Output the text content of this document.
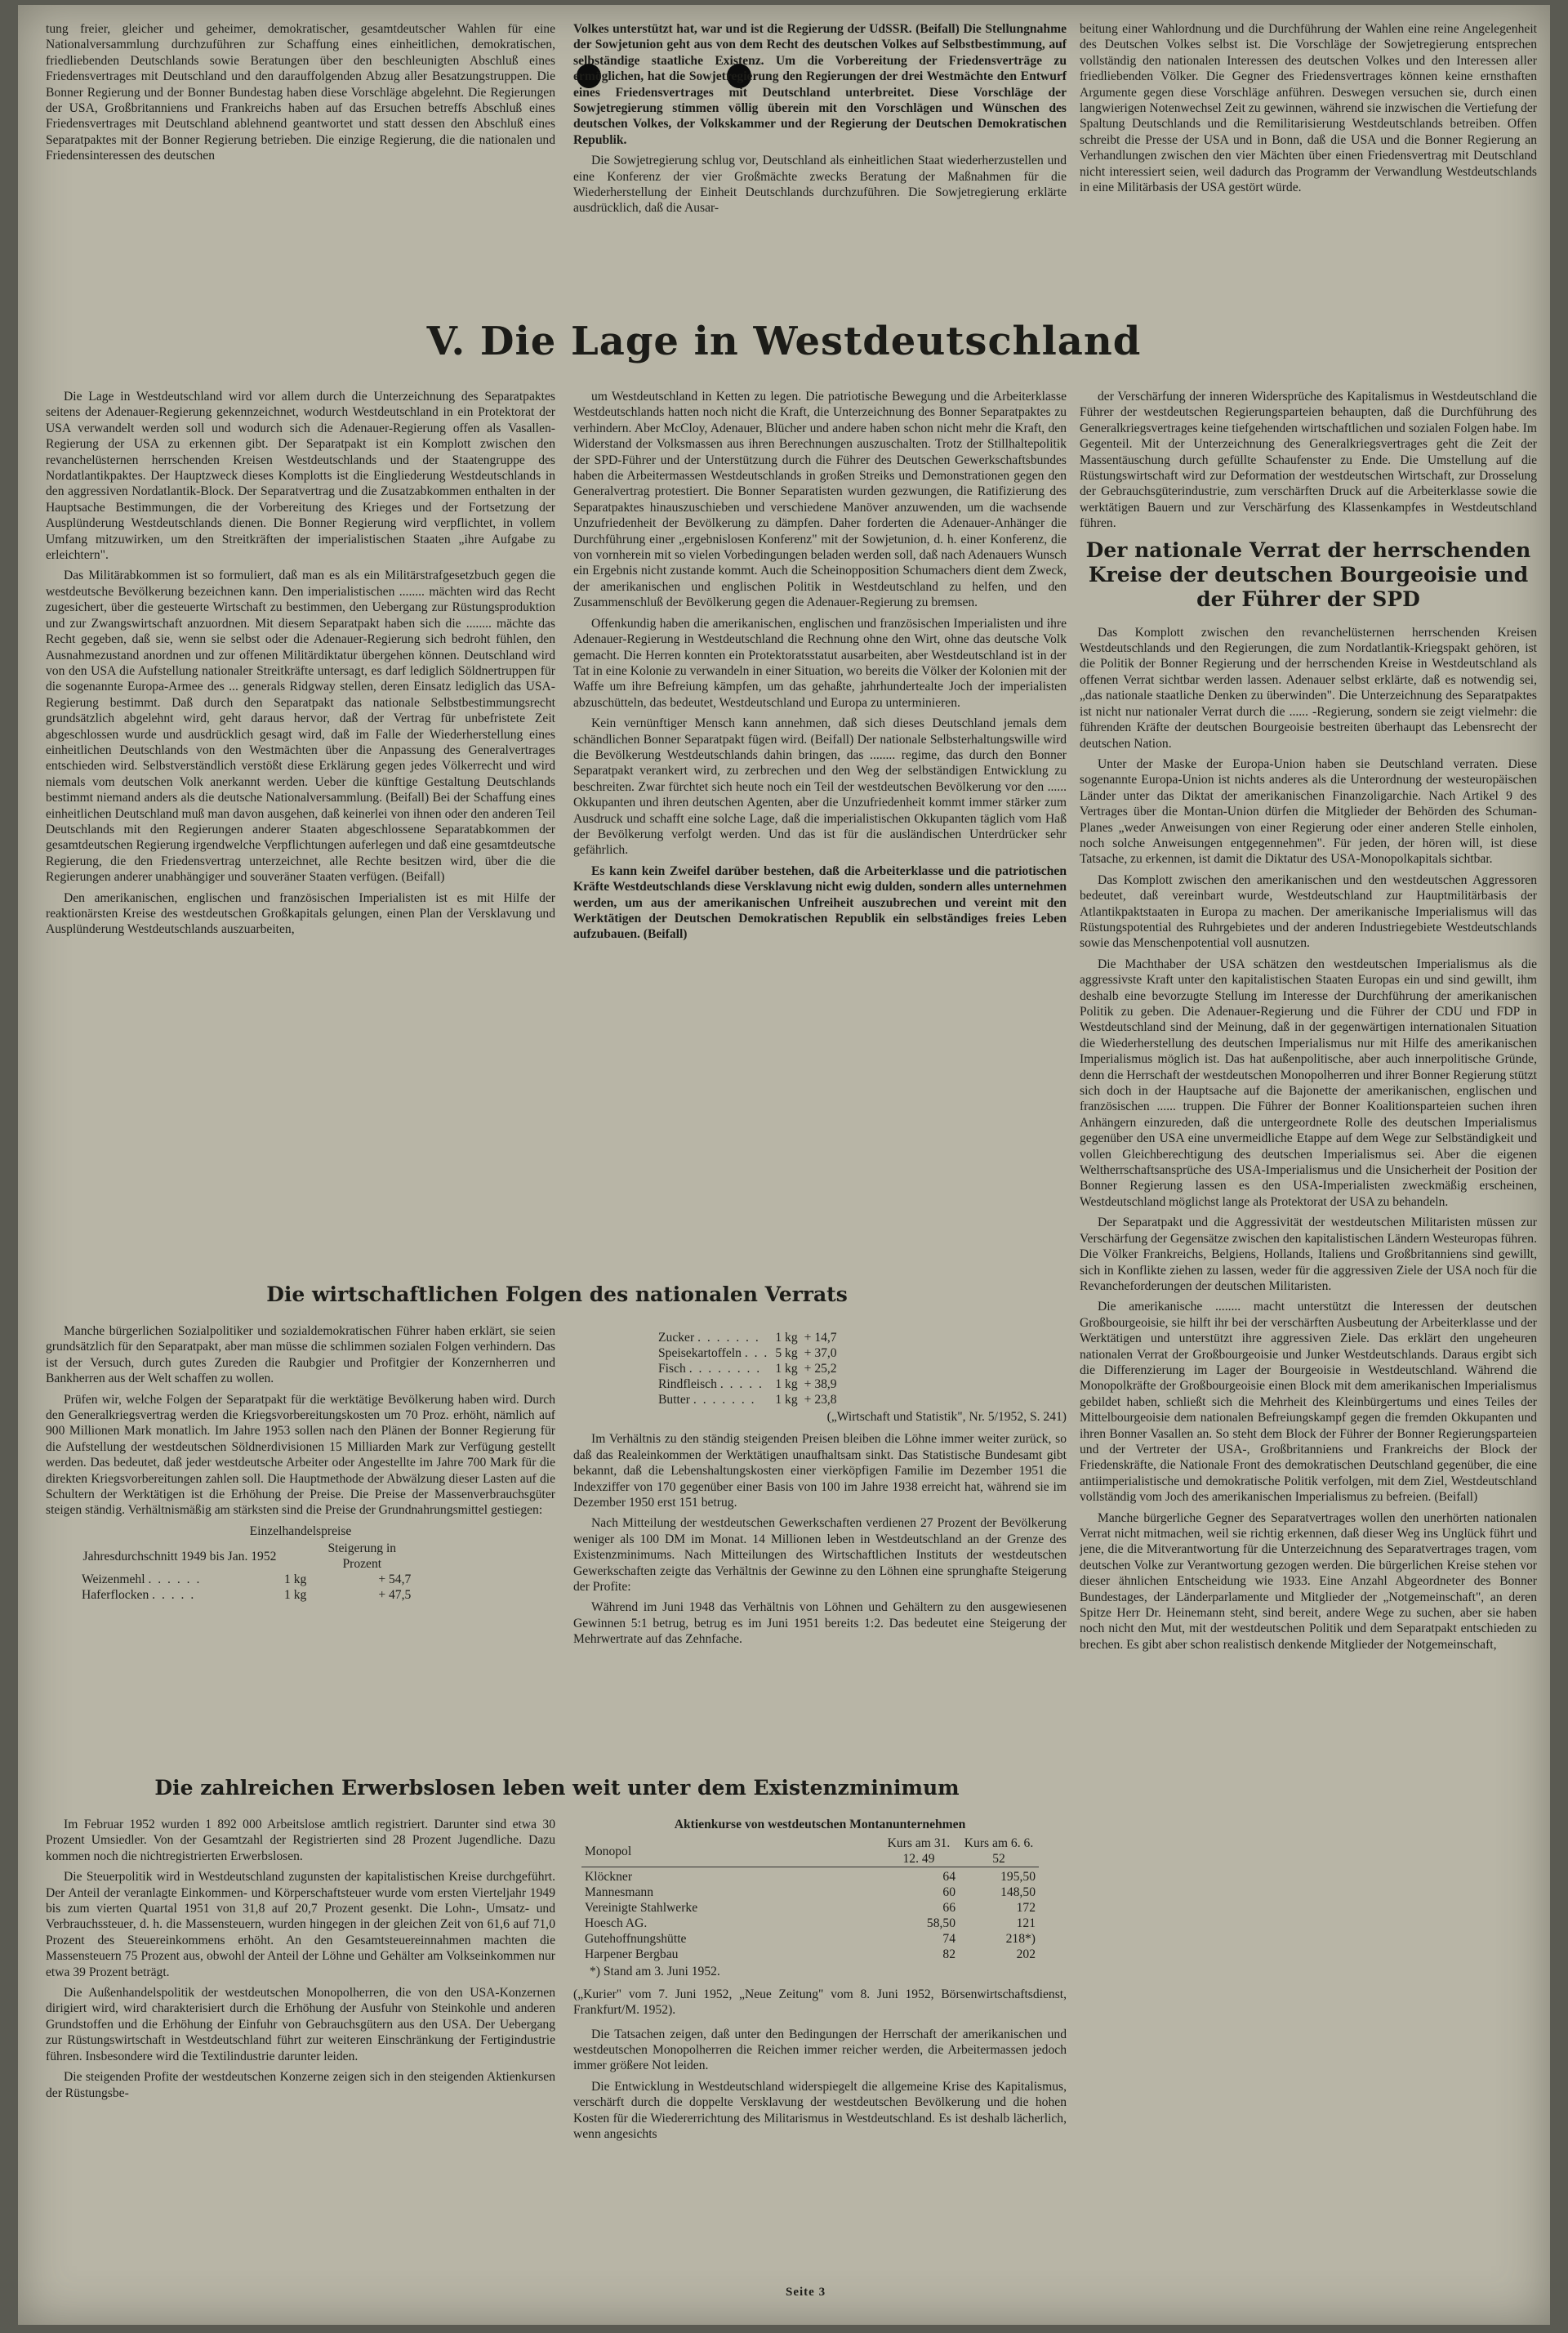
tung freier, gleicher und geheimer, demokratischer, gesamtdeutscher Wahlen für eine Nationalversammlung durchzuführen zur Schaffung eines einheitlichen, demokratischen, friedliebenden Deutschlands sowie Beratungen über den beschleunigten Abschluß eines Friedensvertrages mit Deutschland und den darauffolgenden Abzug aller Besatzungstruppen. Die Bonner Regierung und der Bonner Bundestag haben diese Vorschläge abgelehnt. Die Regierungen der USA, Großbritanniens und Frankreichs haben auf das Ersuchen betreffs Abschluß eines Friedensvertrages mit Deutschland ablehnend geantwortet und statt dessen den Abschluß eines Separatpaktes mit der Bonner Regierung betrieben. Die einzige Regierung, die die nationalen und Friedensinteressen des deutschen

Volkes unterstützt hat, war und ist die Regierung der UdSSR. (Beifall) Die Stellungnahme der Sowjetunion geht aus von dem Recht des deutschen Volkes auf Selbstbestimmung, auf selbständige staatliche Existenz. Um die Vorbereitung der Friedensverträge zu ermöglichen, hat die Sowjetregierung den Regierungen der drei Westmächte den Entwurf eines Friedensvertrages mit Deutschland unterbreitet. Diese Vorschläge der Sowjetregierung stimmen völlig überein mit den Vorschlägen und Wünschen des deutschen Volkes, der Volkskammer und der Regierung der Deutschen Demokratischen Republik.

Die Sowjetregierung schlug vor, Deutschland als einheitlichen Staat wiederherzustellen und eine Konferenz der vier Großmächte zwecks Beratung der Maßnahmen für die Wiederherstellung der Einheit Deutschlands durchzuführen. Die Sowjetregierung erklärte ausdrücklich, daß die Ausar-

beitung einer Wahlordnung und die Durchführung der Wahlen eine reine Angelegenheit des Deutschen Volkes selbst ist. Die Vorschläge der Sowjetregierung entsprechen vollständig den nationalen Interessen des deutschen Volkes und den Interessen aller friedliebenden Völker. Die Gegner des Friedensvertrages können keine ernsthaften Argumente gegen diese Vorschläge anführen. Deswegen versuchen sie, durch einen langwierigen Notenwechsel Zeit zu gewinnen, während sie inzwischen die Vertiefung der Spaltung Deutschlands und die Remilitarisierung Westdeutschlands betreiben. Offen schreibt die Presse der USA und in Bonn, daß die USA und die Bonner Regierung an Verhandlungen zwischen den vier Mächten über einen Friedensvertrag mit Deutschland nicht interessiert seien, weil dadurch das Programm der Verwandlung Westdeutschlands in eine Militärbasis der USA gestört würde.

V. Die Lage in Westdeutschland

Die Lage in Westdeutschland wird vor allem durch die Unterzeichnung des Separatpaktes seitens der Adenauer-Regierung gekennzeichnet, wodurch Westdeutschland in ein Protektorat der USA verwandelt werden soll und wodurch sich die Adenauer-Regierung offen als Vasallen-Regierung der USA zu erkennen gibt. Der Separatpakt ist ein Komplott zwischen den revanchelüsternen herrschenden Kreisen Westdeutschlands und der Staatengruppe des Nordatlantikpaktes. Der Hauptzweck dieses Komplotts ist die Eingliederung Westdeutschlands in den aggressiven Nordatlantik-Block. Der Separatvertrag und die Zusatzabkommen enthalten in der Hauptsache Bestimmungen, die der Vorbereitung des Krieges und der Fortsetzung der Ausplünderung Westdeutschlands dienen. Die Bonner Regierung wird verpflichtet, in vollem Umfang mitzuwirken, um den Streitkräften der imperialistischen Staaten „ihre Aufgabe zu erleichtern".

Das Militärabkommen ist so formuliert, daß man es als ein Militärstrafgesetzbuch gegen die westdeutsche Bevölkerung bezeichnen kann. Den imperialistischen ........ mächten wird das Recht zugesichert, über die gesteuerte Wirtschaft zu bestimmen, den Uebergang zur Rüstungsproduktion und zur Zwangswirtschaft anzuordnen. Mit diesem Separatpakt haben sich die ........ mächte das Recht gegeben, daß sie, wenn sie selbst oder die Adenauer-Regierung sich bedroht fühlen, den Ausnahmezustand anordnen und zur offenen Militärdiktatur übergehen können. Deutschland wird von den USA die Aufstellung nationaler Streitkräfte untersagt, es darf lediglich Söldnertruppen für die sogenannte Europa-Armee des ... generals Ridgway stellen, deren Einsatz lediglich das USA-Regierung bestimmt. Daß durch den Separatpakt das nationale Selbstbestimmungsrecht grundsätzlich abgelehnt wird, geht daraus hervor, daß der Vertrag für unbefristete Zeit abgeschlossen wurde und ausdrücklich gesagt wird, daß im Falle der Wiederherstellung eines einheitlichen Deutschlands von den Westmächten über die Anpassung des Generalvertrages entschieden wird. Selbstverständlich verstößt diese Erklärung gegen jedes Völkerrecht und wird niemals vom deutschen Volk anerkannt werden. Ueber die künftige Gestaltung Deutschlands bestimmt niemand anders als die deutsche Nationalversammlung. (Beifall) Bei der Schaffung eines einheitlichen Deutschland muß man davon ausgehen, daß keinerlei von ihnen oder den anderen Teil Deutschlands mit den Regierungen anderer Staaten abgeschlossene Separatabkommen der gesamtdeutschen Regierung irgendwelche Verpflichtungen auferlegen und daß eine gesamtdeutsche Regierung, die den Friedensvertrag unterzeichnet, alle Rechte besitzen wird, über die die Regierungen anderer unabhängiger und souveräner Staaten verfügen. (Beifall)

Den amerikanischen, englischen und französischen Imperialisten ist es mit Hilfe der reaktionärsten Kreise des westdeutschen Großkapitals gelungen, einen Plan der Versklavung und Ausplünderung Westdeutschlands auszuarbeiten,

um Westdeutschland in Ketten zu legen. Die patriotische Bewegung und die Arbeiterklasse Westdeutschlands hatten noch nicht die Kraft, die Unterzeichnung des Bonner Separatpaktes zu verhindern. Aber McCloy, Adenauer, Blücher und andere haben schon nicht mehr die Kraft, den Widerstand der Volksmassen aus ihren Berechnungen auszuschalten. Trotz der Stillhaltepolitik der SPD-Führer und der Unterstützung durch die Führer des Deutschen Gewerkschaftsbundes haben die Arbeitermassen Westdeutschlands in großen Streiks und Demonstrationen gegen den Generalvertrag protestiert. Die Bonner Separatisten wurden gezwungen, die Ratifizierung des Separatpaktes hinauszuschieben und verschiedene Manöver anzuwenden, um die wachsende Unzufriedenheit der Bevölkerung zu dämpfen. Daher forderten die Adenauer-Anhänger die Durchführung einer „ergebnislosen Konferenz" mit der Sowjetunion, d. h. einer Konferenz, die von vornherein mit so vielen Vorbedingungen beladen werden soll, daß nach Adenauers Wunsch ein Ergebnis nicht zustande kommt. Auch die Scheinopposition Schumachers dient dem Zweck, der amerikanischen und englischen Politik in Westdeutschland zu helfen, und den Zusammenschluß der Bevölkerung gegen die Adenauer-Regierung zu bremsen.

Offenkundig haben die amerikanischen, englischen und französischen Imperialisten und ihre Adenauer-Regierung in Westdeutschland die Rechnung ohne den Wirt, ohne das deutsche Volk gemacht. Die Herren konnten ein Protektoratsstatut ausarbeiten, aber Westdeutschland ist in der Tat in eine Kolonie zu verwandeln in einer Situation, wo bereits die Völker der Kolonien mit der Waffe um ihre Befreiung kämpfen, um das gehaßte, jahrhundertealte Joch der imperialisten abzuschütteln, das bedeutet, Westdeutschland und Europa zu unterminieren.

Kein vernünftiger Mensch kann annehmen, daß sich dieses Deutschland jemals dem schändlichen Bonner Separatpakt fügen wird. (Beifall) Der nationale Selbsterhaltungswille wird die Bevölkerung Westdeutschlands dahin bringen, das ........ regime, das durch den Bonner Separatpakt verankert wird, zu zerbrechen und den Weg der selbständigen Entwicklung zu beschreiten. Zwar fürchtet sich heute noch ein Teil der westdeutschen Bevölkerung vor den ...... Okkupanten und ihren deutschen Agenten, aber die Unzufriedenheit kommt immer stärker zum Ausdruck und schafft eine solche Lage, daß die imperialistischen Okkupanten täglich vom Haß der Bevölkerung verfolgt werden. Und das ist für die ausländischen Unterdrücker sehr gefährlich.

Es kann kein Zweifel darüber bestehen, daß die Arbeiterklasse und die patriotischen Kräfte Westdeutschlands diese Versklavung nicht ewig dulden, sondern alles unternehmen werden, um aus der amerikanischen Unfreiheit auszubrechen und vereint mit den Werktätigen der Deutschen Demokratischen Republik ein selbständiges freies Leben aufzubauen. (Beifall)

der Verschärfung der inneren Widersprüche des Kapitalismus in Westdeutschland die Führer der westdeutschen Regierungsparteien behaupten, daß die Durchführung des Generalkriegsvertrages keine tiefgehenden wirtschaftlichen und sozialen Folgen habe. Im Gegenteil. Mit der Unterzeichnung des Generalkriegsvertrages geht die Zeit der Massentäuschung durch gefüllte Schaufenster zu Ende. Die Umstellung auf die Rüstungswirtschaft wird zur Deformation der westdeutschen Wirtschaft, zur Drosselung der Gebrauchsgüterindustrie, zum verschärften Druck auf die Arbeiterklasse sowie die werktätigen Bauern und zur Verschärfung des Klassenkampfes in Westdeutschland führen.

Der nationale Verrat der herrschenden Kreise der deutschen Bourgeoisie und der Führer der SPD

Das Komplott zwischen den revanchelüsternen herrschenden Kreisen Westdeutschlands und den Regierungen, die zum Nordatlantik-Kriegspakt gehören, ist die Politik der Bonner Regierung und der herrschenden Kreise in Westdeutschland als offenen Verrat sichtbar werden lassen. Adenauer selbst erklärte, daß es notwendig sei, „das nationale staatliche Denken zu überwinden". Die Unterzeichnung des Separatpaktes ist nicht nur nationaler Verrat durch die ...... -Regierung, sondern sie zeigt vielmehr: die führenden Kräfte der deutschen Bourgeoisie bestreiten überhaupt das Lebensrecht der deutschen Nation.

Unter der Maske der Europa-Union haben sie Deutschland verraten. Diese sogenannte Europa-Union ist nichts anderes als die Unterordnung der westeuropäischen Länder unter das Diktat der amerikanischen Finanzoligarchie. Nach Artikel 9 des Vertrages über die Montan-Union dürfen die Mitglieder der Behörden des Schuman-Planes „weder Anweisungen von einer Regierung oder einer anderen Stelle einholen, noch solche Anweisungen entgegennehmen". Für jeden, der hören will, ist diese Tatsache, zu erkennen, ist damit die Diktatur des USA-Monopolkapitals sichtbar.

Das Komplott zwischen den amerikanischen und den westdeutschen Aggressoren bedeutet, daß vereinbart wurde, Westdeutschland zur Hauptmilitärbasis der Atlantikpaktstaaten in Europa zu machen. Der amerikanische Imperialismus will das Rüstungspotential des Ruhrgebietes und der anderen Industriegebiete Westdeutschlands sowie das Menschenpotential voll ausnutzen.

Die Machthaber der USA schätzen den westdeutschen Imperialismus als die aggressivste Kraft unter den kapitalistischen Staaten Europas ein und sind gewillt, ihm deshalb eine bevorzugte Stellung im Interesse der Durchführung der amerikanischen Politik zu geben. Die Adenauer-Regierung und die Führer der CDU und FDP in Westdeutschland sind der Meinung, daß in der gegenwärtigen internationalen Situation die Wiederherstellung des deutschen Imperialismus nur mit Hilfe des amerikanischen Imperialismus möglich ist. Das hat außenpolitische, aber auch innerpolitische Gründe, denn die Herrschaft der westdeutschen Monopolherren und ihrer Bonner Regierung stützt sich doch in der Hauptsache auf die Bajonette der amerikanischen, englischen und französischen ...... truppen. Die Führer der Bonner Koalitionsparteien suchen ihren Anhängern einzureden, daß die untergeordnete Rolle des deutschen Imperialismus gegenüber den USA eine unvermeidliche Etappe auf dem Wege zur Selbständigkeit und vollen Gleichberechtigung des deutschen Imperialismus sei. Aber die eigenen Weltherrschaftsansprüche des USA-Imperialismus und die Unsicherheit der Position der Bonner Regierung lassen es den USA-Imperialisten zweckmäßig erscheinen, Westdeutschland möglichst lange als Protektorat der USA zu behandeln.

Der Separatpakt und die Aggressivität der westdeutschen Militaristen müssen zur Verschärfung der Gegensätze zwischen den kapitalistischen Ländern Westeuropas führen. Die Völker Frankreichs, Belgiens, Hollands, Italiens und Großbritanniens sind gewillt, sich in Konflikte ziehen zu lassen, weder für die aggressiven Ziele der USA noch für die Revancheforderungen der deutschen Militaristen.

Die amerikanische ........ macht unterstützt die Interessen der deutschen Großbourgeoisie, sie hilft ihr bei der verschärften Ausbeutung der Arbeiterklasse und der Werktätigen und unterstützt ihre aggressiven Ziele. Das erklärt den ungeheuren nationalen Verrat der Großbourgeoisie und Junker Westdeutschlands. Daraus ergibt sich die Differenzierung im Lager der Bourgeoisie in Westdeutschland. Während die Monopolkräfte der Großbourgeoisie einen Block mit dem amerikanischen Imperialismus gebildet haben, schließt sich die Mehrheit des Kleinbürgertums und eines Teiles der Mittelbourgeoisie dem nationalen Befreiungskampf gegen die fremden Okkupanten und ihren Bonner Vasallen an. So steht dem Block der Führer der Bonner Regierungsparteien und der Vertreter der USA-, Großbritanniens und Frankreichs der Block der Friedenskräfte, die Nationale Front des demokratischen Deutschland gegenüber, die eine antiimperialistische und demokratische Politik verfolgen, mit dem Ziel, Westdeutschland vollständig vom Joch des amerikanischen Imperialismus zu befreien. (Beifall)

Manche bürgerliche Gegner des Separatvertrages wollen den unerhörten nationalen Verrat nicht mitmachen, weil sie richtig erkennen, daß dieser Weg ins Unglück führt und jene, die die Mitverantwortung für die Unterzeichnung des Separatvertrages tragen, vom deutschen Volke zur Verantwortung gezogen werden. Die bürgerlichen Kreise stehen vor dieser ähnlichen Entscheidung wie 1933. Eine Anzahl Abgeordneter des Bonner Bundestages, der Länderparlamente und Mitglieder der „Notgemeinschaft", an deren Spitze Herr Dr. Heinemann steht, sind bereit, andere Wege zu suchen, aber sie haben noch nicht den Mut, mit der westdeutschen Politik und dem Separatpakt entschieden zu brechen. Es gibt aber schon realistisch denkende Mitglieder der Notgemeinschaft,

Die wirtschaftlichen Folgen des nationalen Verrats

Manche bürgerlichen Sozialpolitiker und sozialdemokratischen Führer haben erklärt, sie seien grundsätzlich für den Separatpakt, aber man müsse die schlimmen sozialen Folgen verhindern. Das ist der Versuch, durch gutes Zureden die Raubgier und Profitgier der Konzernherren und Bankherren aus der Welt schaffen zu wollen.

Prüfen wir, welche Folgen der Separatpakt für die werktätige Bevölkerung haben wird. Durch den Generalkriegsvertrag werden die Kriegsvorbereitungskosten um 70 Proz. erhöht, nämlich auf 900 Millionen Mark monatlich. Im Jahre 1953 sollen nach den Plänen der Bonner Regierung für die Aufstellung der westdeutschen Söldnerdivisionen 15 Milliarden Mark zur Verfügung gestellt werden. Das bedeutet, daß jeder westdeutsche Arbeiter oder Angestellte im Jahre 700 Mark für die direkten Kriegsvorbereitungen zahlen soll. Die Hauptmethode der Abwälzung dieser Lasten auf die Schultern der Werktätigen ist die Erhöhung der Preise. Die Preise der Massenverbrauchsgüter steigen ständig. Verhältnismäßig am stärksten sind die Preise der Grundnahrungsmittel gestiegen:

Einzelhandelspreise
Jahresdurchschnitt 1949 bis Jan. 1952		Steigerung in Prozent
Weizenmehl . . . . . .	1 kg	+ 54,7
Haferflocken . . . . .	1 kg	+ 47,5
Zucker . . . . . . .	1 kg	+ 14,7
Speisekartoffeln . . .	5 kg	+ 37,0
Fisch . . . . . . . .	1 kg	+ 25,2
Rindfleisch . . . . .	1 kg	+ 38,9
Butter . . . . . . .	1 kg	+ 23,8
(„Wirtschaft und Statistik", Nr. 5/1952, S. 241)

Im Verhältnis zu den ständig steigenden Preisen bleiben die Löhne immer weiter zurück, so daß das Realeinkommen der Werktätigen unaufhaltsam sinkt. Das Statistische Bundesamt gibt bekannt, daß die Lebenshaltungskosten einer vierköpfigen Familie im Dezember 1951 die Indexziffer von 170 gegenüber einer Basis von 100 im Jahre 1938 erreicht hat, während sie im Dezember 1950 erst 151 betrug.

Nach Mitteilung der westdeutschen Gewerkschaften verdienen 27 Prozent der Bevölkerung weniger als 100 DM im Monat. 14 Millionen leben in Westdeutschland an der Grenze des Existenzminimums. Nach Mitteilungen des Wirtschaftlichen Instituts der westdeutschen Gewerkschaften zeigte das Verhältnis der Gewinne zu den Löhnen eine sprunghafte Steigerung der Profite:

Während im Juni 1948 das Verhältnis von Löhnen und Gehältern zu den ausgewiesenen Gewinnen 5:1 betrug, betrug es im Juni 1951 bereits 1:2. Das bedeutet eine Steigerung der Mehrwertrate auf das Zehnfache.

Die zahlreichen Erwerbslosen leben weit unter dem Existenzminimum

Im Februar 1952 wurden 1 892 000 Arbeitslose amtlich registriert. Darunter sind etwa 30 Prozent Umsiedler. Von der Gesamtzahl der Registrierten sind 28 Prozent Jugendliche. Dazu kommen noch die nichtregistrierten Erwerbslosen.

Die Steuerpolitik wird in Westdeutschland zugunsten der kapitalistischen Kreise durchgeführt. Der Anteil der veranlagte Einkommen- und Körperschaftsteuer wurde vom ersten Vierteljahr 1949 bis zum vierten Quartal 1951 von 31,8 auf 20,7 Prozent gesenkt. Die Lohn-, Umsatz- und Verbrauchssteuer, d. h. die Massensteuern, wurden hingegen in der gleichen Zeit von 61,6 auf 71,0 Prozent des Steuereinkommens erhöht. An den Gesamtsteuereinnahmen machten die Massensteuern 75 Prozent aus, obwohl der Anteil der Löhne und Gehälter am Volkseinkommen nur etwa 39 Prozent beträgt.

Die Außenhandelspolitik der westdeutschen Monopolherren, die von den USA-Konzernen dirigiert wird, wird charakterisiert durch die Erhöhung der Ausfuhr von Steinkohle und anderen Grundstoffen und die Erhöhung der Einfuhr von Gebrauchsgütern aus den USA. Der Uebergang zur Rüstungswirtschaft in Westdeutschland führt zur weiteren Einschränkung der Fertigindustrie führen. Insbesondere wird die Textilindustrie darunter leiden.

Die steigenden Profite der westdeutschen Konzerne zeigen sich in den steigenden Aktienkursen der Rüstungsbe-

Aktienkurse von westdeutschen Montanunternehmen
Monopol	Kurs am 31. 12. 49	Kurs am 6. 6. 52

Klöckner	64	195,50
Mannesmann	60	148,50
Vereinigte Stahlwerke	66	172
Hoesch AG.	58,50	121
Gutehoffnungshütte	74	218*)
Harpener Bergbau	82	202
*) Stand am 3. Juni 1952.

(„Kurier" vom 7. Juni 1952, „Neue Zeitung" vom 8. Juni 1952, Börsenwirtschaftsdienst, Frankfurt/M. 1952).

Die Tatsachen zeigen, daß unter den Bedingungen der Herrschaft der amerikanischen und westdeutschen Monopolherren die Reichen immer reicher werden, die Arbeitermassen jedoch immer größere Not leiden.

Die Entwicklung in Westdeutschland widerspiegelt die allgemeine Krise des Kapitalismus, verschärft durch die doppelte Versklavung der westdeutschen Bevölkerung und die hohen Kosten für die Wiedererrichtung des Militarismus in Westdeutschland. Es ist deshalb lächerlich, wenn angesichts

Seite 3
